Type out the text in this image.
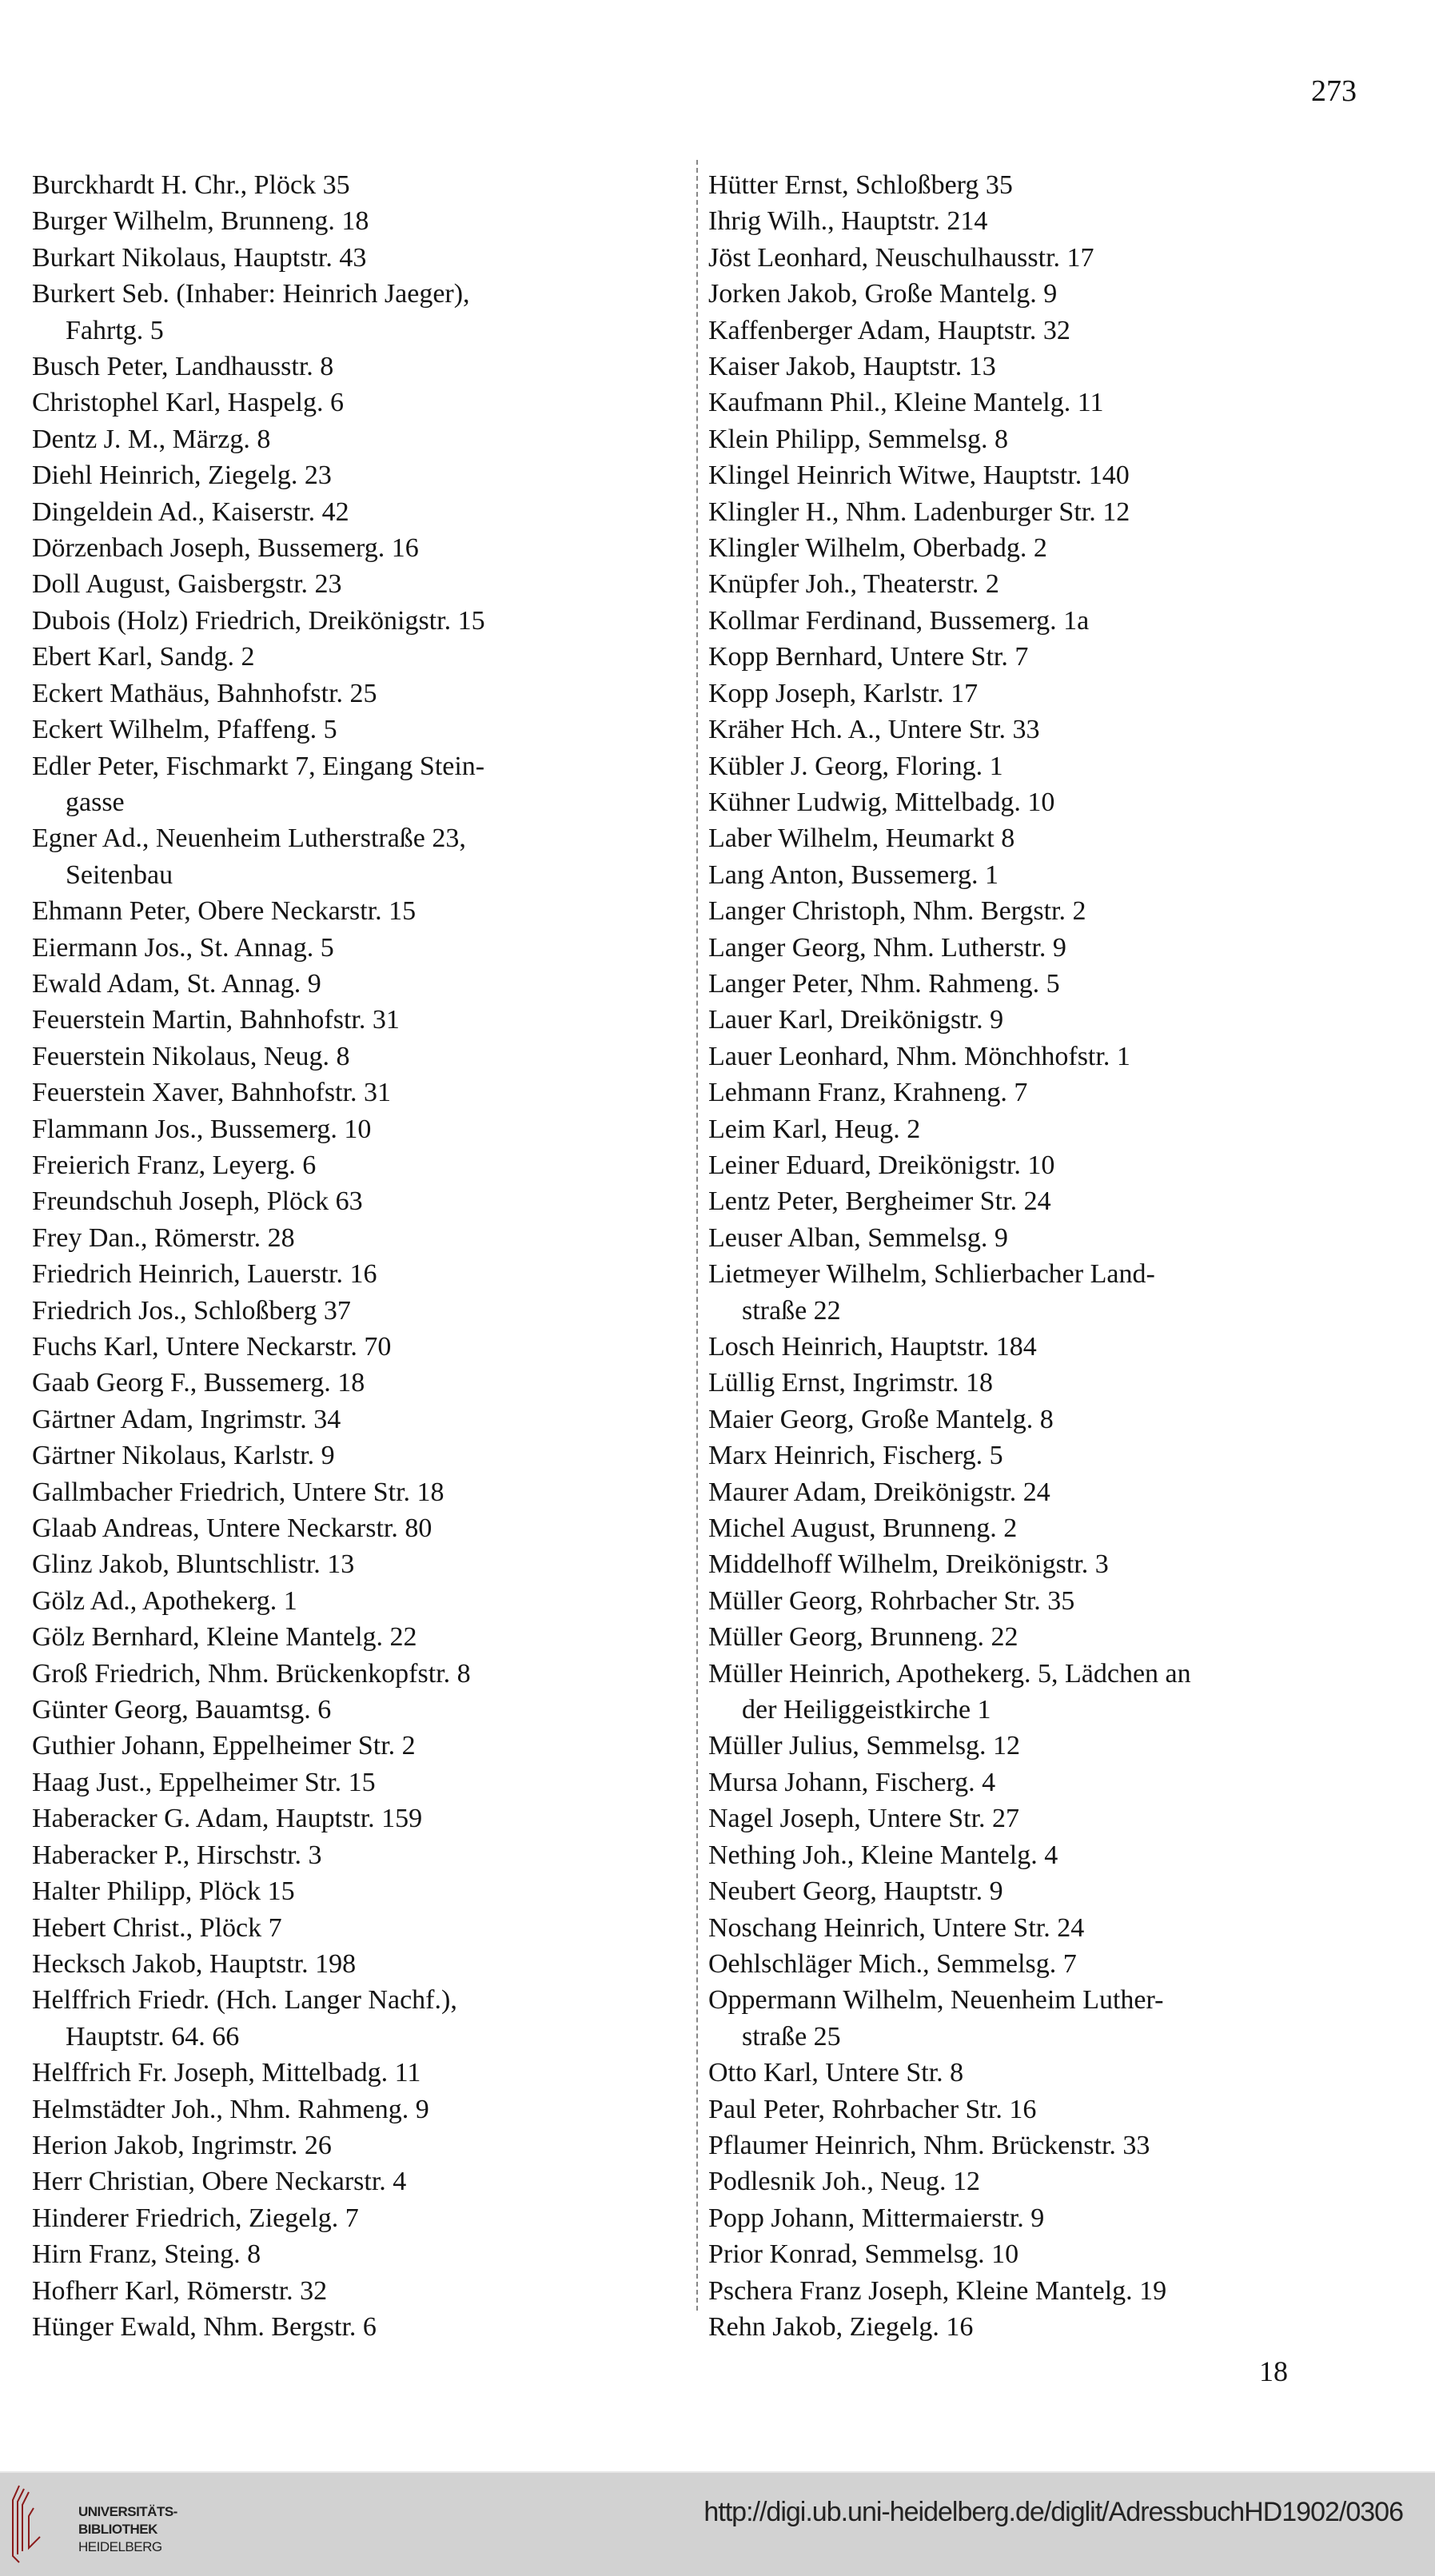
273
Burckhardt H. Chr., Plöck 35
Burger Wilhelm, Brunneng. 18
Burkart Nikolaus, Hauptstr. 43
Burkert Seb. (Inhaber: Heinrich Jaeger),
Fahrtg. 5
Busch Peter, Landhausstr. 8
Christophel Karl, Haspelg. 6
Dentz J. M., Märzg. 8
Diehl Heinrich, Ziegelg. 23
Dingeldein Ad., Kaiserstr. 42
Dörzenbach Joseph, Bussemerg. 16
Doll August, Gaisbergstr. 23
Dubois (Holz) Friedrich, Dreikönigstr. 15
Ebert Karl, Sandg. 2
Eckert Mathäus, Bahnhofstr. 25
Eckert Wilhelm, Pfaffeng. 5
Edler Peter, Fischmarkt 7, Eingang Stein-
gasse
Egner Ad., Neuenheim Lutherstraße 23,
Seitenbau
Ehmann Peter, Obere Neckarstr. 15
Eiermann Jos., St. Annag. 5
Ewald Adam, St. Annag. 9
Feuerstein Martin, Bahnhofstr. 31
Feuerstein Nikolaus, Neug. 8
Feuerstein Xaver, Bahnhofstr. 31
Flammann Jos., Bussemerg. 10
Freierich Franz, Leyerg. 6
Freundschuh Joseph, Plöck 63
Frey Dan., Römerstr. 28
Friedrich Heinrich, Lauerstr. 16
Friedrich Jos., Schloßberg 37
Fuchs Karl, Untere Neckarstr. 70
Gaab Georg F., Bussemerg. 18
Gärtner Adam, Ingrimstr. 34
Gärtner Nikolaus, Karlstr. 9
Gallmbacher Friedrich, Untere Str. 18
Glaab Andreas, Untere Neckarstr. 80
Glinz Jakob, Bluntschlistr. 13
Gölz Ad., Apothekerg. 1
Gölz Bernhard, Kleine Mantelg. 22
Groß Friedrich, Nhm. Brückenkopfstr. 8
Günter Georg, Bauamtsg. 6
Guthier Johann, Eppelheimer Str. 2
Haag Just., Eppelheimer Str. 15
Haberacker G. Adam, Hauptstr. 159
Haberacker P., Hirschstr. 3
Halter Philipp, Plöck 15
Hebert Christ., Plöck 7
Hecksch Jakob, Hauptstr. 198
Helffrich Friedr. (Hch. Langer Nachf.),
Hauptstr. 64. 66
Helffrich Fr. Joseph, Mittelbadg. 11
Helmstädter Joh., Nhm. Rahmeng. 9
Herion Jakob, Ingrimstr. 26
Herr Christian, Obere Neckarstr. 4
Hinderer Friedrich, Ziegelg. 7
Hirn Franz, Steing. 8
Hofherr Karl, Römerstr. 32
Hünger Ewald, Nhm. Bergstr. 6
Hütter Ernst, Schloßberg 35
Ihrig Wilh., Hauptstr. 214
Jöst Leonhard, Neuschulhausstr. 17
Jorken Jakob, Große Mantelg. 9
Kaffenberger Adam, Hauptstr. 32
Kaiser Jakob, Hauptstr. 13
Kaufmann Phil., Kleine Mantelg. 11
Klein Philipp, Semmelsg. 8
Klingel Heinrich Witwe, Hauptstr. 140
Klingler H., Nhm. Ladenburger Str. 12
Klingler Wilhelm, Oberbadg. 2
Knüpfer Joh., Theaterstr. 2
Kollmar Ferdinand, Bussemerg. 1a
Kopp Bernhard, Untere Str. 7
Kopp Joseph, Karlstr. 17
Kräher Hch. A., Untere Str. 33
Kübler J. Georg, Floring. 1
Kühner Ludwig, Mittelbadg. 10
Laber Wilhelm, Heumarkt 8
Lang Anton, Bussemerg. 1
Langer Christoph, Nhm. Bergstr. 2
Langer Georg, Nhm. Lutherstr. 9
Langer Peter, Nhm. Rahmeng. 5
Lauer Karl, Dreikönigstr. 9
Lauer Leonhard, Nhm. Mönchhofstr. 1
Lehmann Franz, Krahneng. 7
Leim Karl, Heug. 2
Leiner Eduard, Dreikönigstr. 10
Lentz Peter, Bergheimer Str. 24
Leuser Alban, Semmelsg. 9
Lietmeyer Wilhelm, Schlierbacher Land-
straße 22
Losch Heinrich, Hauptstr. 184
Lüllig Ernst, Ingrimstr. 18
Maier Georg, Große Mantelg. 8
Marx Heinrich, Fischerg. 5
Maurer Adam, Dreikönigstr. 24
Michel August, Brunneng. 2
Middelhoff Wilhelm, Dreikönigstr. 3
Müller Georg, Rohrbacher Str. 35
Müller Georg, Brunneng. 22
Müller Heinrich, Apothekerg. 5, Lädchen an
der Heiliggeistkirche 1
Müller Julius, Semmelsg. 12
Mursa Johann, Fischerg. 4
Nagel Joseph, Untere Str. 27
Nething Joh., Kleine Mantelg. 4
Neubert Georg, Hauptstr. 9
Noschang Heinrich, Untere Str. 24
Oehlschläger Mich., Semmelsg. 7
Oppermann Wilhelm, Neuenheim Luther-
straße 25
Otto Karl, Untere Str. 8
Paul Peter, Rohrbacher Str. 16
Pflaumer Heinrich, Nhm. Brückenstr. 33
Podlesnik Joh., Neug. 12
Popp Johann, Mittermaierstr. 9
Prior Konrad, Semmelsg. 10
Pschera Franz Joseph, Kleine Mantelg. 19
Rehn Jakob, Ziegelg. 16
18
UNIVERSITÄTS-
BIBLIOTHEK
HEIDELBERG
http://digi.ub.uni-heidelberg.de/diglit/AdressbuchHD1902/0306
